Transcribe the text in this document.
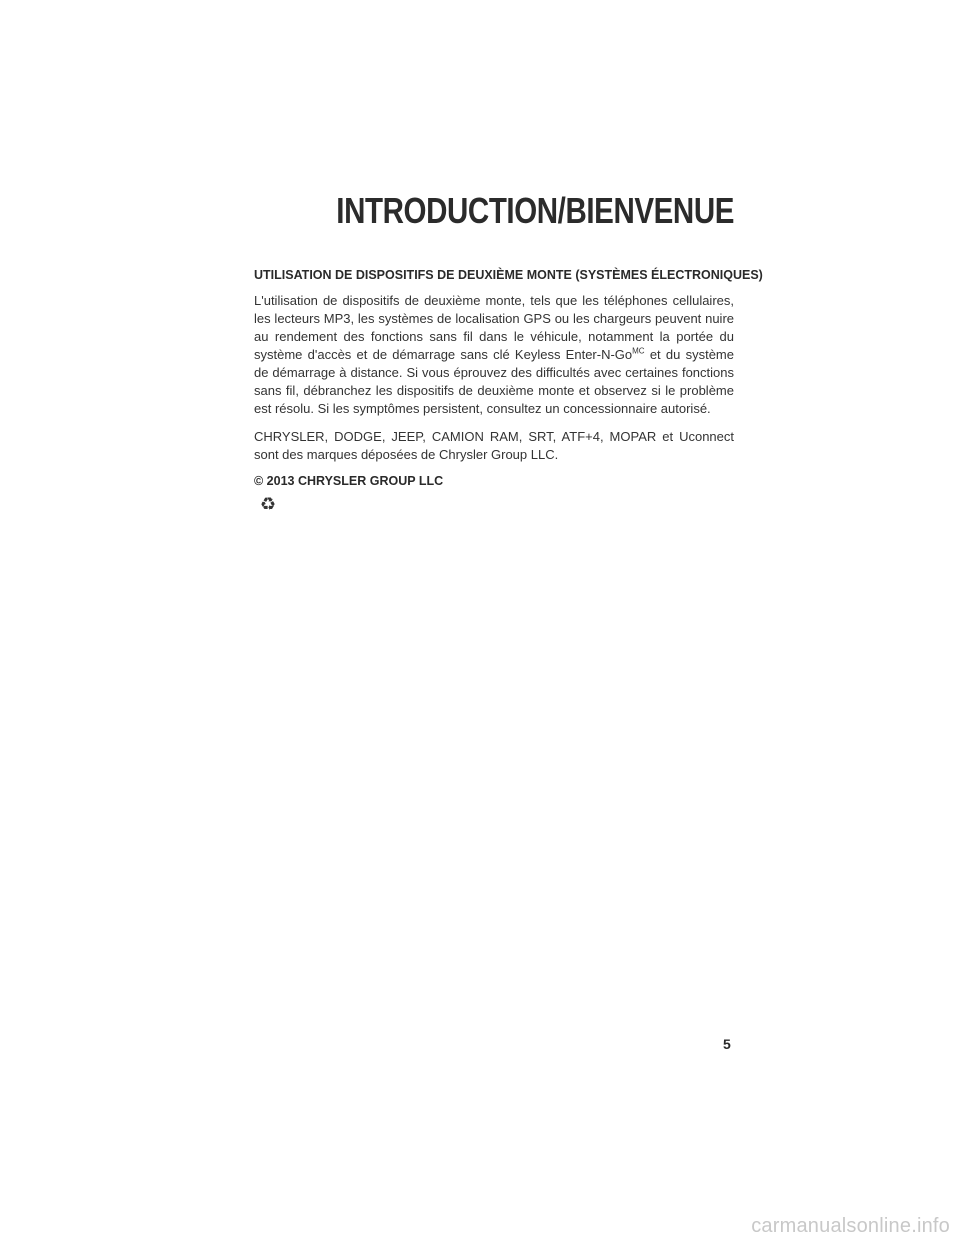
INTRODUCTION/BIENVENUE
UTILISATION DE DISPOSITIFS DE DEUXIÈME MONTE (SYSTÈMES ÉLECTRONIQUES)

L'utilisation de dispositifs de deuxième monte, tels que les téléphones cellulaires, les lecteurs MP3, les systèmes de localisation GPS ou les chargeurs peuvent nuire au rendement des fonctions sans fil dans le véhicule, notamment la portée du système d'accès et de démarrage sans clé Keyless Enter-$N-Go^{MC}$ et du système de démarrage à distance. Si vous éprouvez des difficultés avec certaines fonctions sans fil, débranchez les dispositifs de deuxième monte et observez si le problème est résolu. Si les symptômes persistent, consultez un concessionnaire autorisé.

CHRYSLER, DODGE, JEEP, CAMION RAM, SRT, ATF+4, MOPAR et Uconnect sont des marques déposées de Chrysler Group LLC.

© 2013 CHRYSLER GROUP LLC

♻
5
carmanualsonline.info
